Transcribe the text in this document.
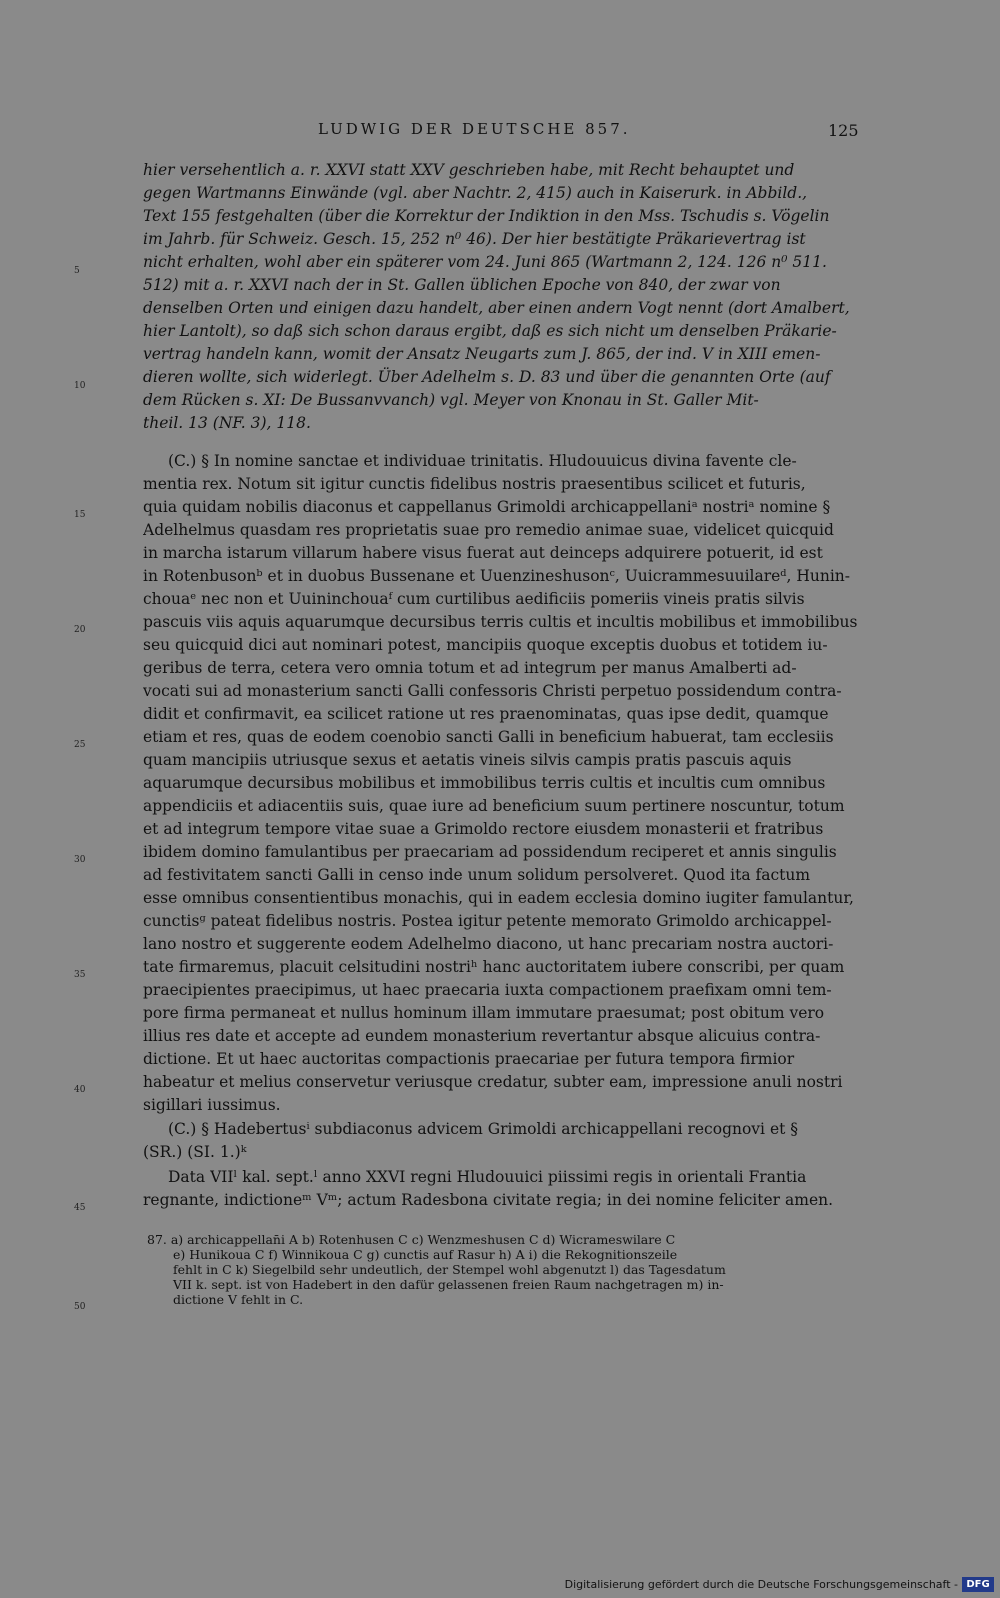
LUDWIG DER DEUTSCHE 857.	125
hier versehentlich a. r. XXVI statt XXV geschrieben habe, mit Recht behauptet und
gegen Wartmanns Einwände (vgl. aber Nachtr. 2, 415) auch in Kaiserurk. in Abbild.,
Text 155 festgehalten (über die Korrektur der Indiktion in den Mss. Tschudis s. Vögelin
im Jahrb. für Schweiz. Gesch. 15, 252 n⁰ 46). Der hier bestätigte Präkarievertrag ist
nicht erhalten, wohl aber ein späterer vom 24. Juni 865 (Wartmann 2, 124. 126 n⁰ 511.
512) mit a. r. XXVI nach der in St. Gallen üblichen Epoche von 840, der zwar von
denselben Orten und einigen dazu handelt, aber einen andern Vogt nennt (dort Amalbert,
hier Lantolt), so daß sich schon daraus ergibt, daß es sich nicht um denselben Präkarie-
vertrag handeln kann, womit der Ansatz Neugarts zum J. 865, der ind. V in XIII emen-
dieren wollte, sich widerlegt. Über Adelhelm s. D. 83 und über die genannten Orte (auf
dem Rücken s. XI: De Bussanvvanch) vgl. Meyer von Knonau in St. Galler Mit-
theil. 13 (NF. 3), 118.
(C.) § In nomine sanctae et individuae trinitatis. Hludouuicus divina favente cle-
mentia rex. Notum sit igitur cunctis fidelibus nostris praesentibus scilicet et futuris,
quia quidam nobilis diaconus et cappellanus Grimoldi archicappellaniᵃ nostriᵃ nomine §
Adelhelmus quasdam res proprietatis suae pro remedio animae suae, videlicet quicquid
in marcha istarum villarum habere visus fuerat aut deinceps adquirere potuerit, id est
in Rotenbusonᵇ et in duobus Bussenane et Uuenzineshusonᶜ, Uuicrammesuuilareᵈ, Hunin-
chouaᵉ nec non et Uuininchouaᶠ cum curtilibus aedificiis pomeriis vineis pratis silvis
pascuis viis aquis aquarumque decursibus terris cultis et incultis mobilibus et immobilibus
seu quicquid dici aut nominari potest, mancipiis quoque exceptis duobus et totidem iu-
geribus de terra, cetera vero omnia totum et ad integrum per manus Amalberti ad-
vocati sui ad monasterium sancti Galli confessoris Christi perpetuo possidendum contra-
didit et confirmavit, ea scilicet ratione ut res praenominatas, quas ipse dedit, quamque
etiam et res, quas de eodem coenobio sancti Galli in beneficium habuerat, tam ecclesiis
quam mancipiis utriusque sexus et aetatis vineis silvis campis pratis pascuis aquis
aquarumque decursibus mobilibus et immobilibus terris cultis et incultis cum omnibus
appendiciis et adiacentiis suis, quae iure ad beneficium suum pertinere noscuntur, totum
et ad integrum tempore vitae suae a Grimoldo rectore eiusdem monasterii et fratribus
ibidem domino famulantibus per praecariam ad possidendum reciperet et annis singulis
ad festivitatem sancti Galli in censo inde unum solidum persolveret. Quod ita factum
esse omnibus consentientibus monachis, qui in eadem ecclesia domino iugiter famulantur,
cunctisᵍ pateat fidelibus nostris. Postea igitur petente memorato Grimoldo archicappel-
lano nostro et suggerente eodem Adelhelmo diacono, ut hanc precariam nostra auctori-
tate firmaremus, placuit celsitudini nostriʰ hanc auctoritatem iubere conscribi, per quam
praecipientes praecipimus, ut haec praecaria iuxta compactionem praefixam omni tem-
pore firma permaneat et nullus hominum illam immutare praesumat; post obitum vero
illius res date et accepte ad eundem monasterium revertantur absque alicuius contra-
dictione. Et ut haec auctoritas compactionis praecariae per futura tempora firmior
habeatur et melius conservetur veriusque credatur, subter eam, impressione anuli nostri
sigillari iussimus.
(C.) § Hadebertusⁱ subdiaconus advicem Grimoldi archicappellani recognovi et §
(SR.) (SI. 1.)ᵏ
Data VIIˡ kal. sept.ˡ anno XXVI regni Hludouuici piissimi regis in orientali Frantia
regnante, indictioneᵐ Vᵐ; actum Radesbona civitate regia; in dei nomine feliciter amen.
5
10
15
20
25
30
35
40
45
50
87. a) archicappellan̄i A b) Rotenhusen C c) Wenzmeshusen C d) Wicrameswilare C
e) Hunikoua C f) Winnikoua C g) cunctis auf Rasur h) A i) die Rekognitionszeile
fehlt in C k) Siegelbild sehr undeutlich, der Stempel wohl abgenutzt l) das Tagesdatum
VII k. sept. ist von Hadebert in den dafür gelassenen freien Raum nachgetragen m) in-
dictione V fehlt in C.
Digitalisierung gefördert durch die Deutsche Forschungsgemeinschaft - DFG
